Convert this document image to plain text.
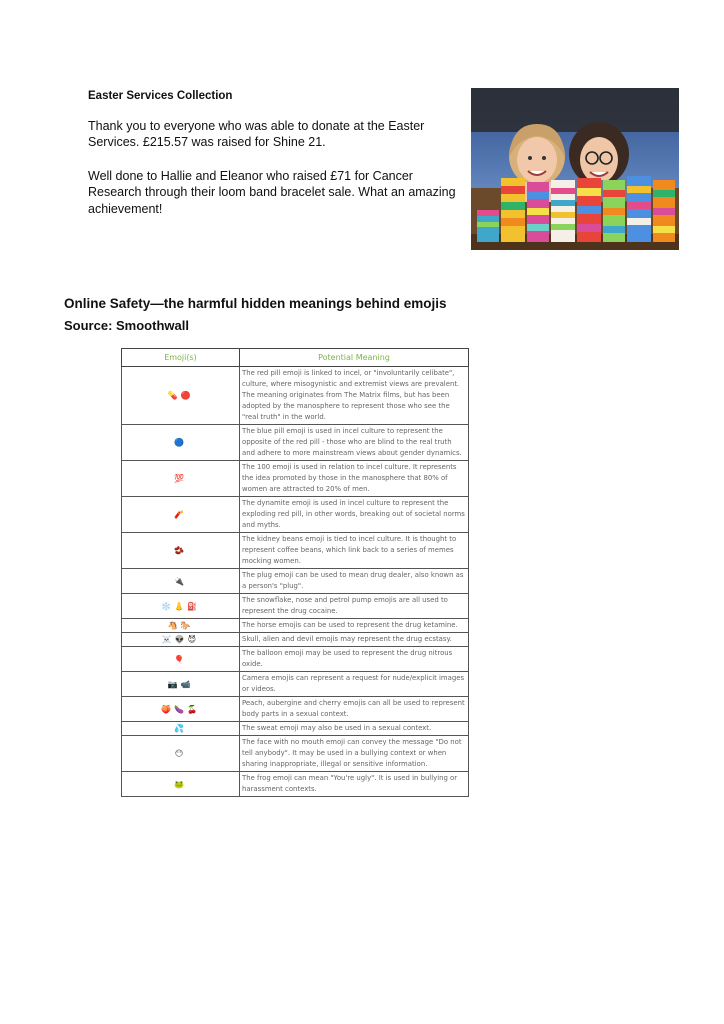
Easter Services Collection

Thank you to everyone who was able to donate at the Easter Services. £215.57 was raised for Shine 21.

Well done to Hallie and Eleanor who raised £71 for Cancer Research through their loom band bracelet sale. What an amazing achievement!

Online Safety—the harmful hidden meanings behind emojis
Source: Smoothwall
Emoji(s)	Potential Meaning
💊🔴	The red pill emoji is linked to incel, or "involuntarily celibate", culture, where misogynistic and extremist views are prevalent. The meaning originates from The Matrix films, but has been adopted by the manosphere to represent those who see the "real truth" in the world.
🔵	The blue pill emoji is used in incel culture to represent the opposite of the red pill - those who are blind to the real truth and adhere to more mainstream views about gender dynamics.
💯	The 100 emoji is used in relation to incel culture. It represents the idea promoted by those in the manosphere that 80% of women are attracted to 20% of men.
🧨	The dynamite emoji is used in incel culture to represent the exploding red pill, in other words, breaking out of societal norms and myths.
🫘	The kidney beans emoji is tied to incel culture. It is thought to represent coffee beans, which link back to a series of memes mocking women.
🔌	The plug emoji can be used to mean drug dealer, also known as a person's "plug".
❄️👃⛽	The snowflake, nose and petrol pump emojis are all used to represent the drug cocaine.
🐴🐎	The horse emojis can be used to represent the drug ketamine.
☠️👽😈	Skull, alien and devil emojis may represent the drug ecstasy.
🎈	The balloon emoji may be used to represent the drug nitrous oxide.
📷📹	Camera emojis can represent a request for nude/explicit images or videos.
🍑🍆🍒	Peach, aubergine and cherry emojis can all be used to represent body parts in a sexual context.
💦	The sweat emoji may also be used in a sexual context.
😶	The face with no mouth emoji can convey the message "Do not tell anybody". It may be used in a bullying context or when sharing inappropriate, illegal or sensitive information.
🐸	The frog emoji can mean "You're ugly". It is used in bullying or harassment contexts.
